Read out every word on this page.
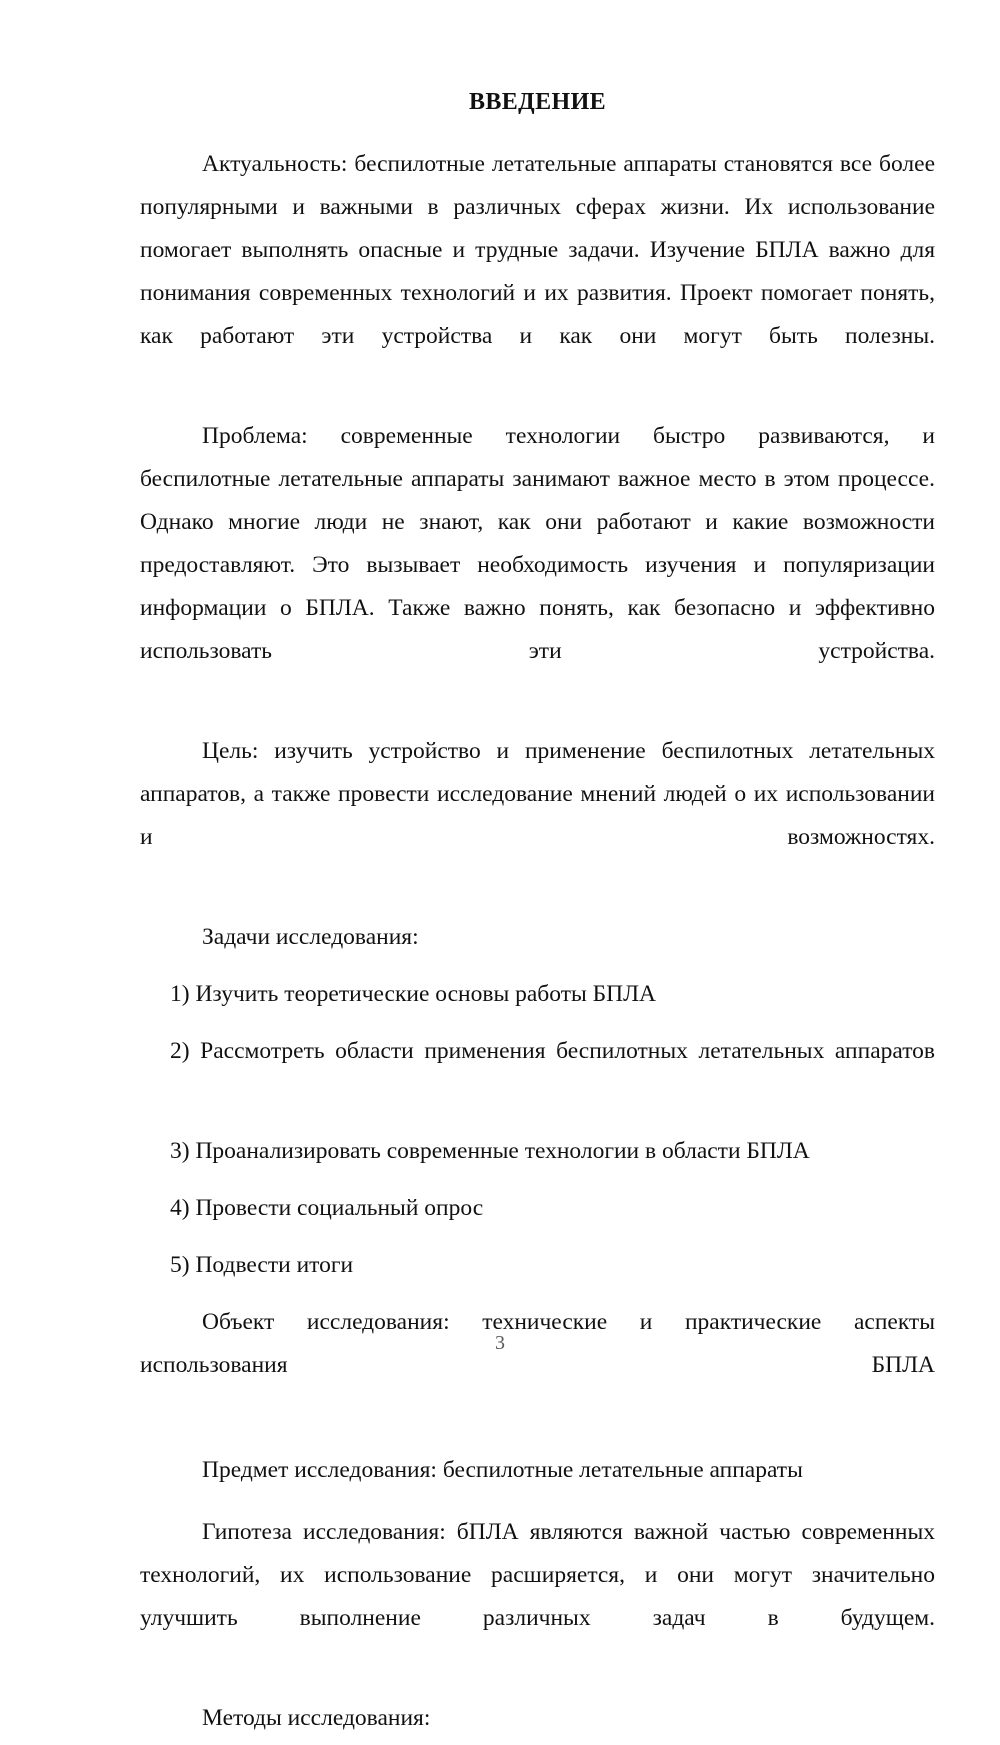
ВВЕДЕНИЕ

Актуальность: беспилотные летательные аппараты становятся все более популярными и важными в различных сферах жизни. Их использование помогает выполнять опасные и трудные задачи. Изучение БПЛА важно для понимания современных технологий и их развития. Проект помогает понять, как работают эти устройства и как они могут быть полезны.

Проблема: современные технологии быстро развиваются, и беспилотные летательные аппараты занимают важное место в этом процессе. Однако многие люди не знают, как они работают и какие возможности предоставляют. Это вызывает необходимость изучения и популяризации информации о БПЛА. Также важно понять, как безопасно и эффективно использовать эти устройства.

Цель: изучить устройство и применение беспилотных летательных аппаратов, а также провести исследование мнений людей о их использовании и возможностях.

Задачи исследования:

1) Изучить теоретические основы работы БПЛА

2) Рассмотреть области применения беспилотных летательных аппаратов

3) Проанализировать современные технологии в области БПЛА

4) Провести социальный опрос

5) Подвести итоги

Объект исследования: технические и практические аспекты использования БПЛА

Предмет исследования: беспилотные летательные аппараты

Гипотеза исследования: бПЛА являются важной частью современных технологий, их использование расширяется, и они могут значительно улучшить выполнение различных задач в будущем.

Методы исследования:

3
